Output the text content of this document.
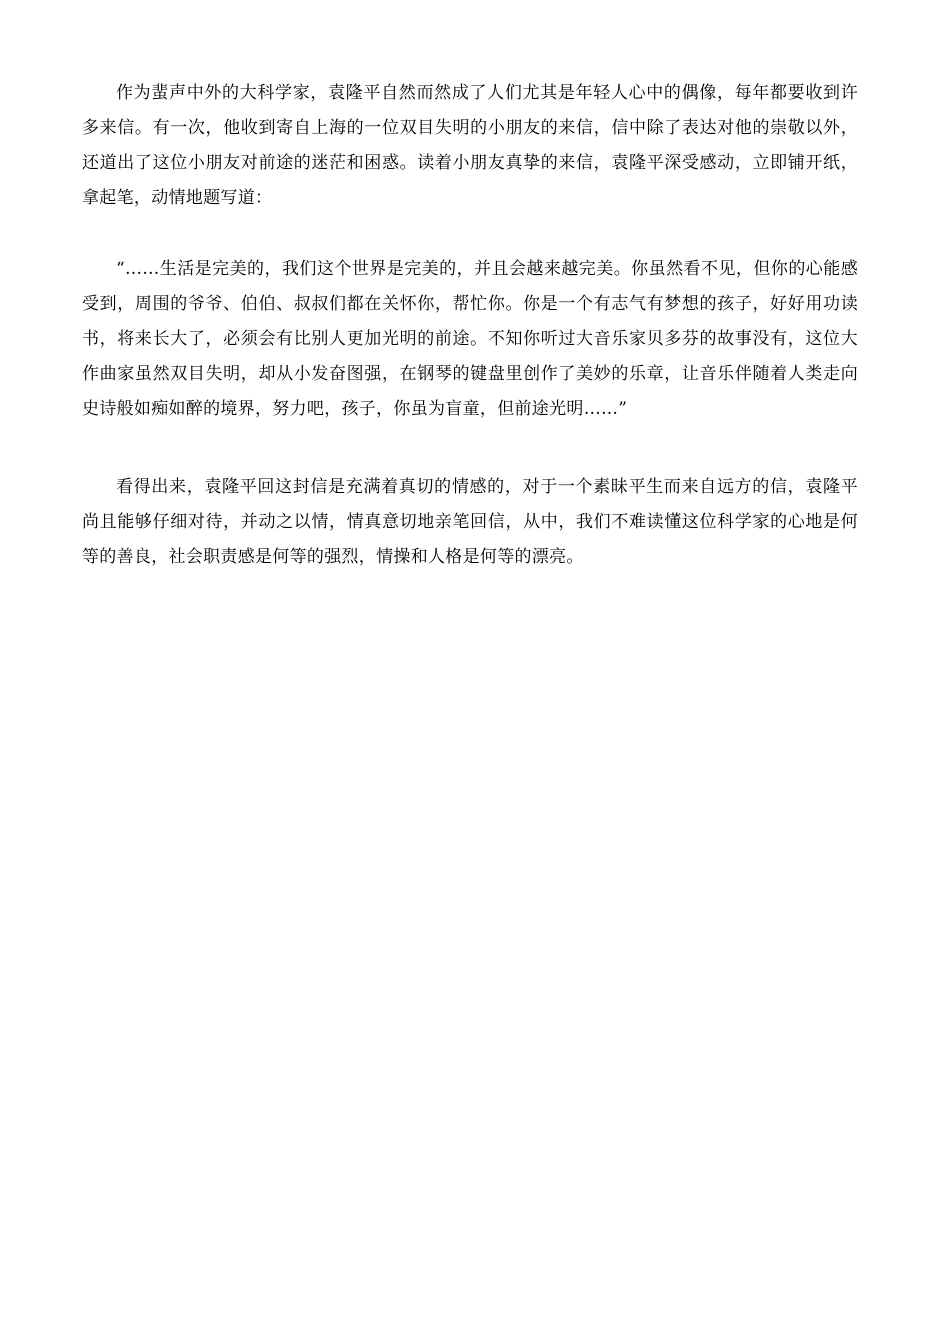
作为蜚声中外的大科学家，袁隆平自然而然成了人们尤其是年轻人心中的偶像，每年都要收到许多来信。有一次，他收到寄自上海的一位双目失明的小朋友的来信，信中除了表达对他的崇敬以外，还道出了这位小朋友对前途的迷茫和困惑。读着小朋友真挚的来信，袁隆平深受感动，立即铺开纸，拿起笔，动情地题写道：

“……生活是完美的，我们这个世界是完美的，并且会越来越完美。你虽然看不见，但你的心能感受到，周围的爷爷、伯伯、叔叔们都在关怀你，帮忙你。你是一个有志气有梦想的孩子，好好用功读书，将来长大了，必须会有比别人更加光明的前途。不知你听过大音乐家贝多芬的故事没有，这位大作曲家虽然双目失明，却从小发奋图强，在钢琴的键盘里创作了美妙的乐章，让音乐伴随着人类走向史诗般如痴如醉的境界，努力吧，孩子，你虽为盲童，但前途光明……”

看得出来，袁隆平回这封信是充满着真切的情感的，对于一个素昧平生而来自远方的信，袁隆平尚且能够仔细对待，并动之以情，情真意切地亲笔回信，从中，我们不难读懂这位科学家的心地是何等的善良，社会职责感是何等的强烈，情操和人格是何等的漂亮。
